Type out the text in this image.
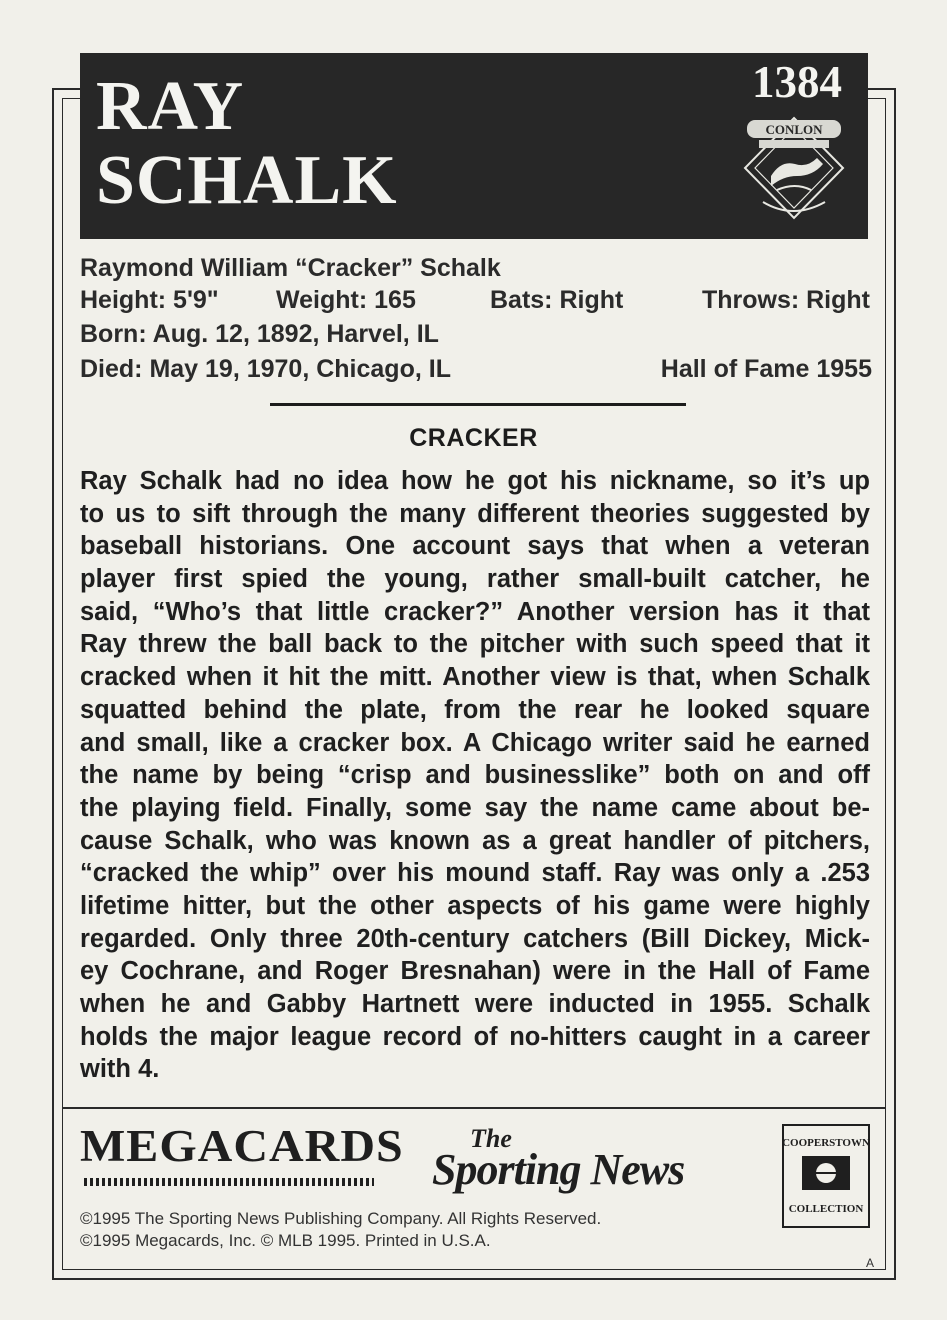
RAY
SCHALK
1384
CONLON
Raymond William “Cracker” Schalk
Height: 5'9" Weight: 165	Bats: Right	Throws: Right
Born: Aug. 12, 1892, Harvel, IL
Died: May 19, 1970, Chicago, IL	Hall of Fame 1955
CRACKER
Ray Schalk had no idea how he got his nickname, so it’s up
to us to sift through the many different theories suggested by
baseball historians. One account says that when a veteran
player first spied the young, rather small-built catcher, he
said, “Who’s that little cracker?” Another version has it that
Ray threw the ball back to the pitcher with such speed that it
cracked when it hit the mitt. Another view is that, when Schalk
squatted behind the plate, from the rear he looked square
and small, like a cracker box. A Chicago writer said he earned
the name by being “crisp and businesslike” both on and off
the playing field. Finally, some say the name came about be-
cause Schalk, who was known as a great handler of pitchers,
“cracked the whip” over his mound staff. Ray was only a .253
lifetime hitter, but the other aspects of his game were highly
regarded. Only three 20th-century catchers (Bill Dickey, Mick-
ey Cochrane, and Roger Bresnahan) were in the Hall of Fame
when he and Gabby Hartnett were inducted in 1955. Schalk
holds the major league record of no-hitters caught in a career
with 4.
MEGACARDS	The
Sporting News
COOPERSTOWN
COLLECTION
©1995 The Sporting News Publishing Company. All Rights Reserved.
©1995 Megacards, Inc. © MLB 1995. Printed in U.S.A.
A
